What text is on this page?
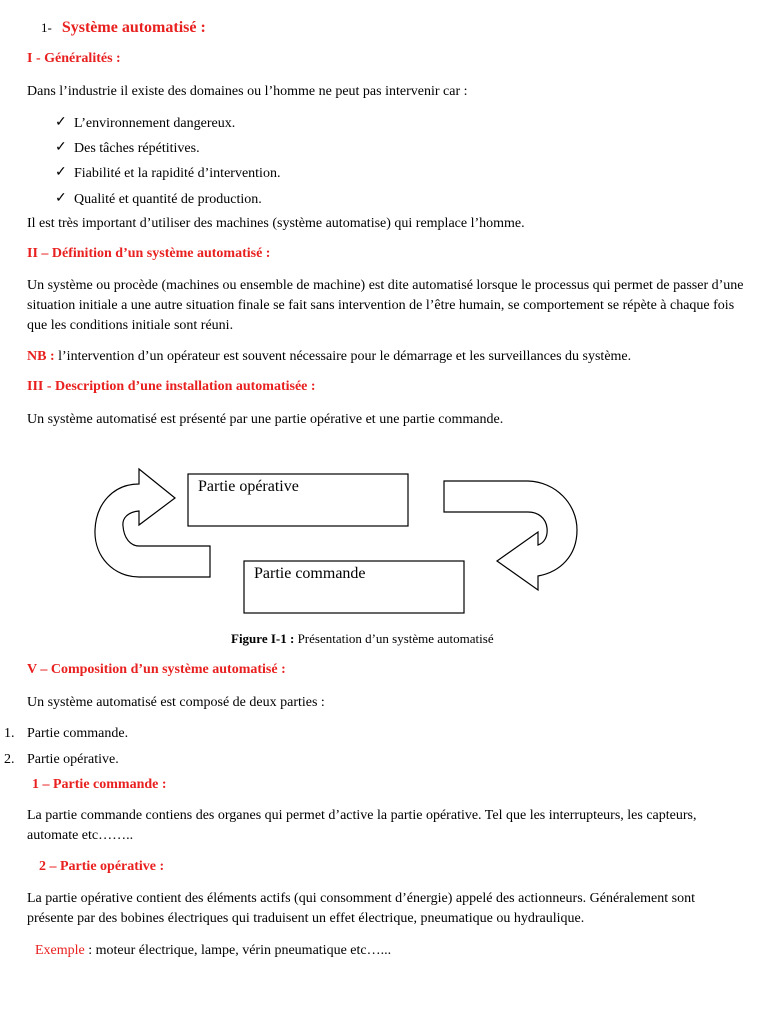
1- Système automatisé :
I - Généralités :
Dans l’industrie il existe des domaines ou l’homme ne peut pas intervenir car :
✓ L’environnement dangereux.
✓ Des tâches répétitives.
✓ Fiabilité et la rapidité d’intervention.
✓ Qualité et quantité de production.
Il est très important d’utiliser des machines (système automatise) qui remplace l’homme.
II – Définition d’un système automatisé :
Un système ou procède (machines ou ensemble de machine) est dite automatisé lorsque le processus qui permet de passer d’une situation initiale a une autre situation finale se fait sans intervention de l’être humain, se comportement se répète à chaque fois que les conditions initiale sont réuni.
NB : l’intervention d’un opérateur est souvent nécessaire pour le démarrage et les surveillances du système.
III - Description d’une installation automatisée :
Un système automatisé est présenté par une partie opérative et une partie commande.
Partie opérative
Partie commande
Figure I-1 : Présentation d’un système automatisé
V – Composition d’un système automatisé :
Un système automatisé est composé de deux parties :
1. Partie commande.
2. Partie opérative.
1 – Partie commande :
La partie commande contiens des organes qui permet d’active la partie opérative. Tel que les interrupteurs, les capteurs, automate etc……..
2 – Partie opérative :
La partie opérative contient des éléments actifs (qui consomment d’énergie) appelé des actionneurs. Généralement sont présente par des bobines électriques qui traduisent un effet électrique, pneumatique ou hydraulique.
Exemple : moteur électrique, lampe, vérin pneumatique etc…...
